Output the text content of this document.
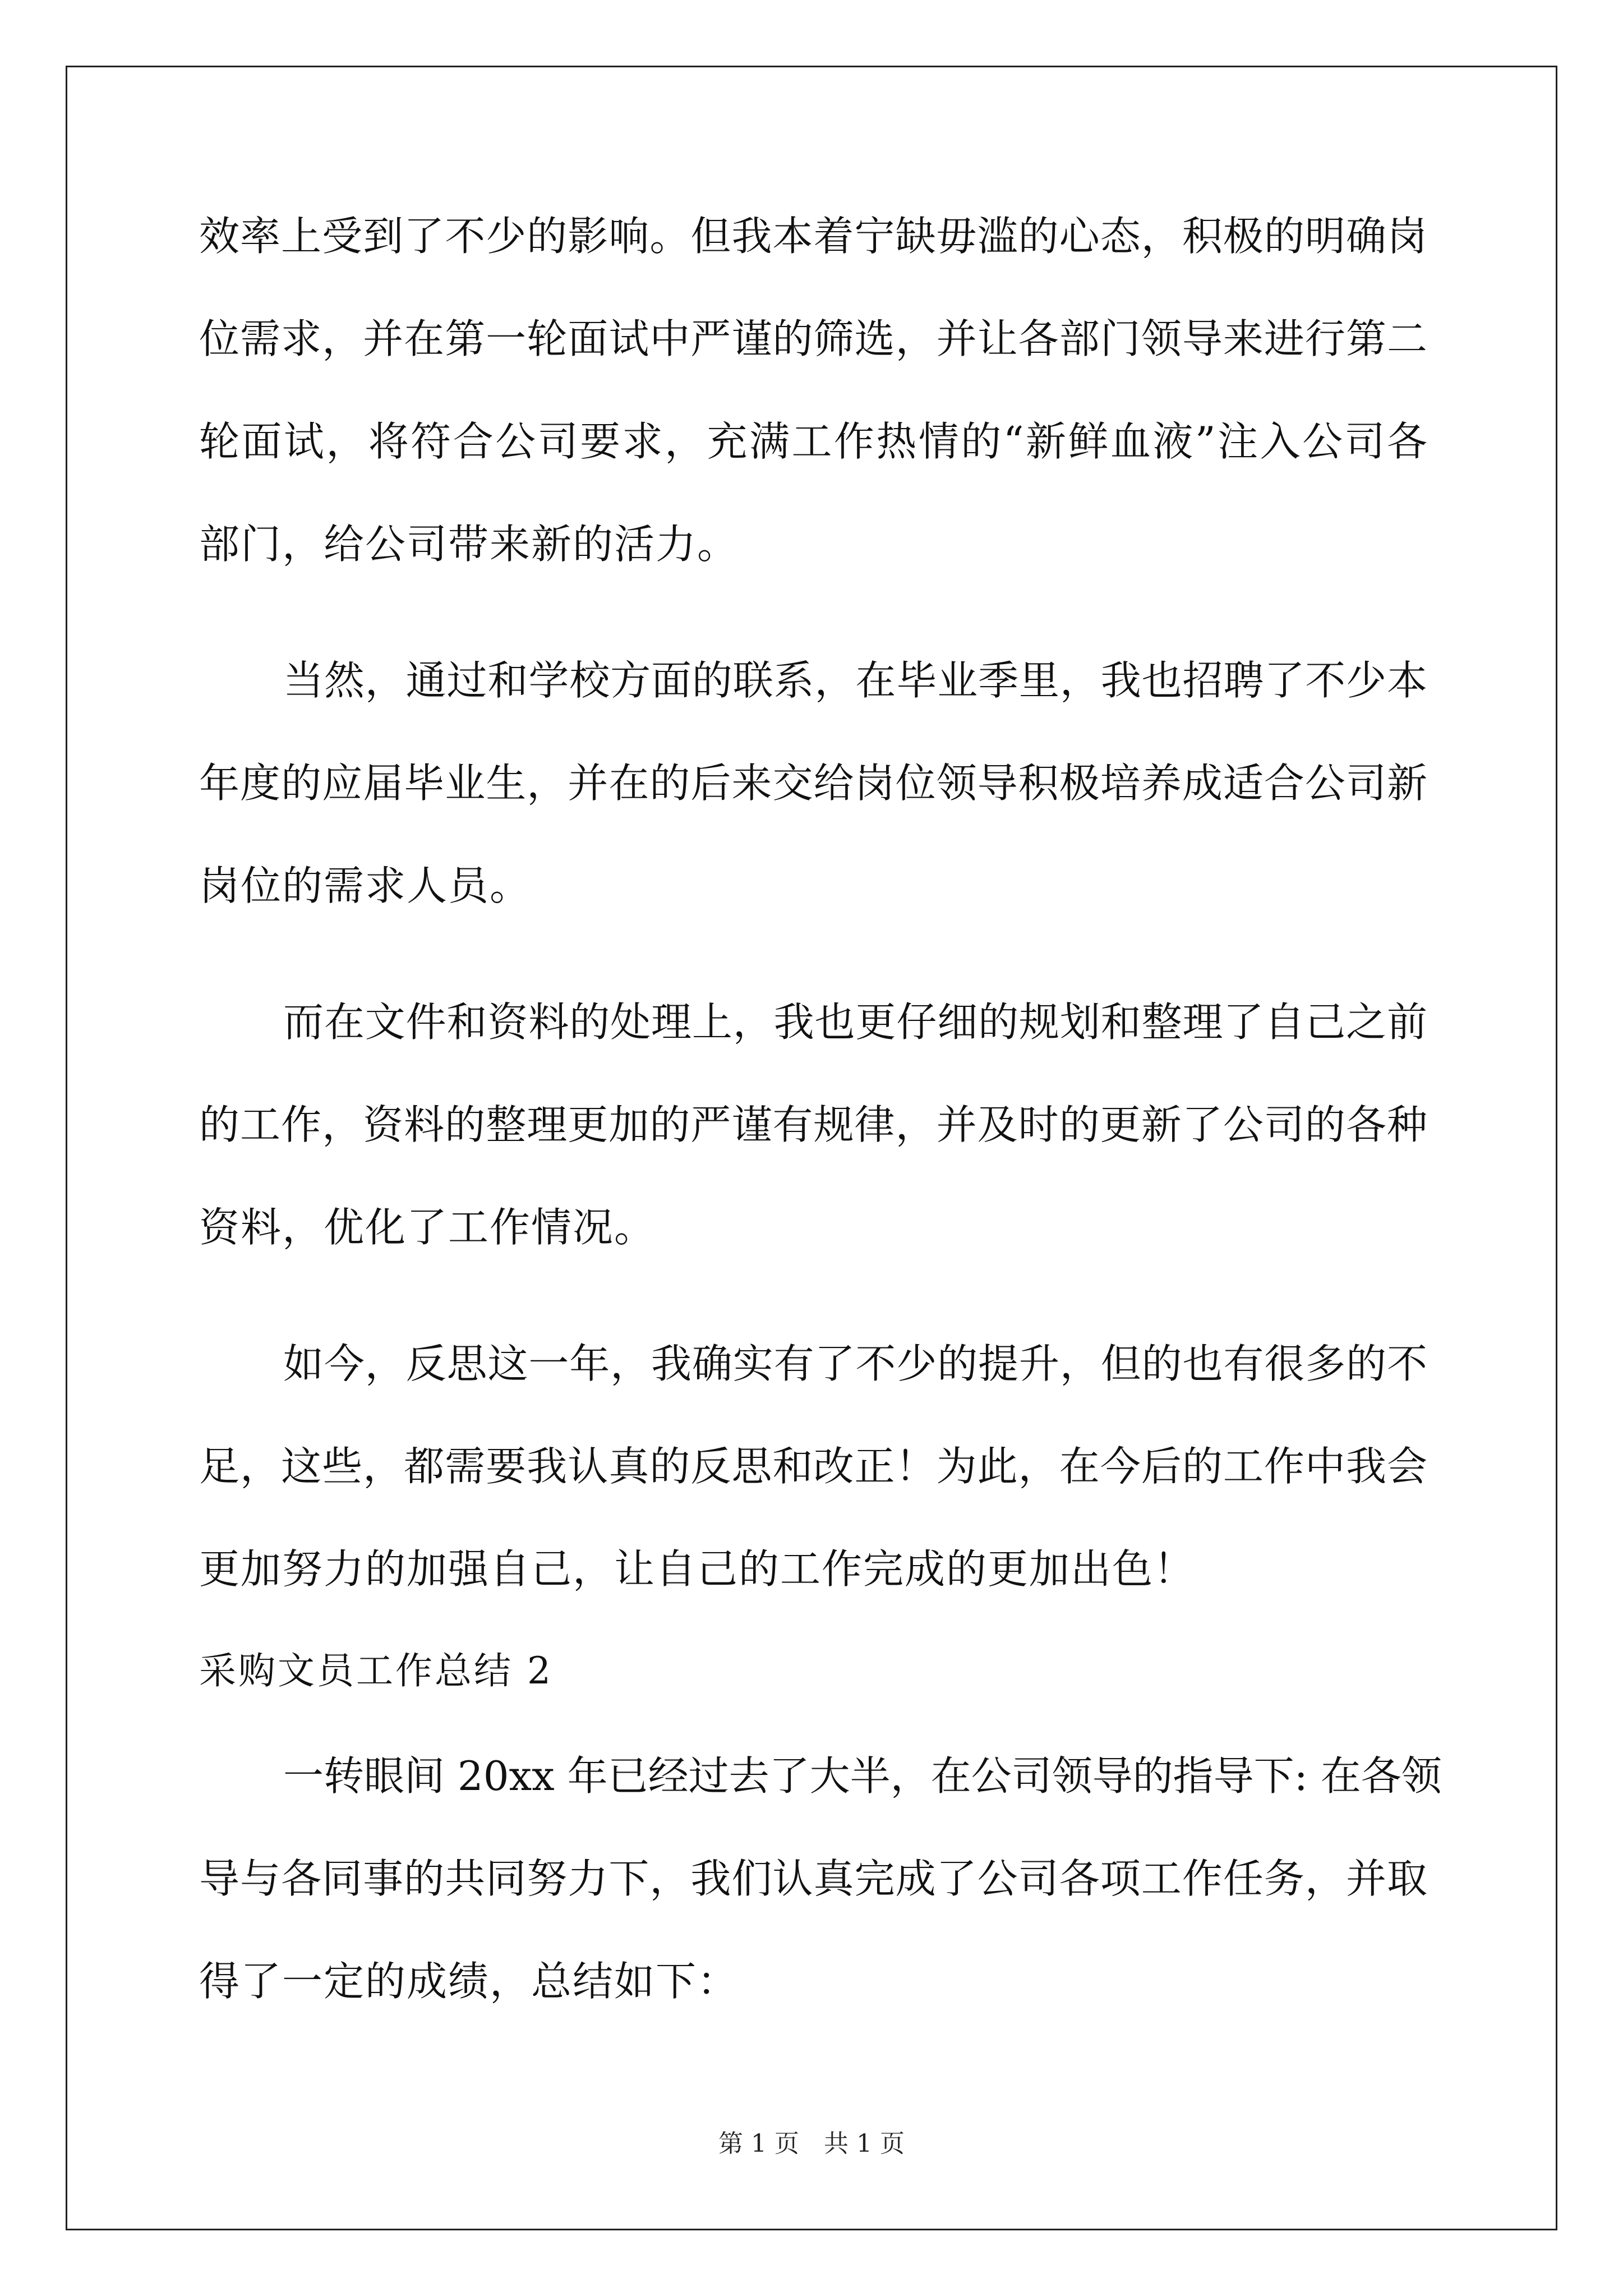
效率上受到了不少的影响。但我本着宁缺毋滥的心态，积极的明确岗
位需求，并在第一轮面试中严谨的筛选，并让各部门领导来进行第二
轮面试，将符合公司要求，充满工作热情的“新鲜血液”注入公司各
部门，给公司带来新的活力。
当然，通过和学校方面的联系，在毕业季里，我也招聘了不少本
年度的应届毕业生，并在的后来交给岗位领导积极培养成适合公司新
岗位的需求人员。
而在文件和资料的处理上，我也更仔细的规划和整理了自己之前
的工作，资料的整理更加的严谨有规律，并及时的更新了公司的各种
资料，优化了工作情况。
如今，反思这一年，我确实有了不少的提升，但的也有很多的不
足，这些，都需要我认真的反思和改正！为此，在今后的工作中我会
更加努力的加强自己，让自己的工作完成的更加出色！
采购文员工作总结 2
一转眼间 20xx 年已经过去了大半，在公司领导的指导下: 在各领
导与各同事的共同努力下，我们认真完成了公司各项工作任务，并取
得了一定的成绩，总结如下：
第 1 页　共 1 页
